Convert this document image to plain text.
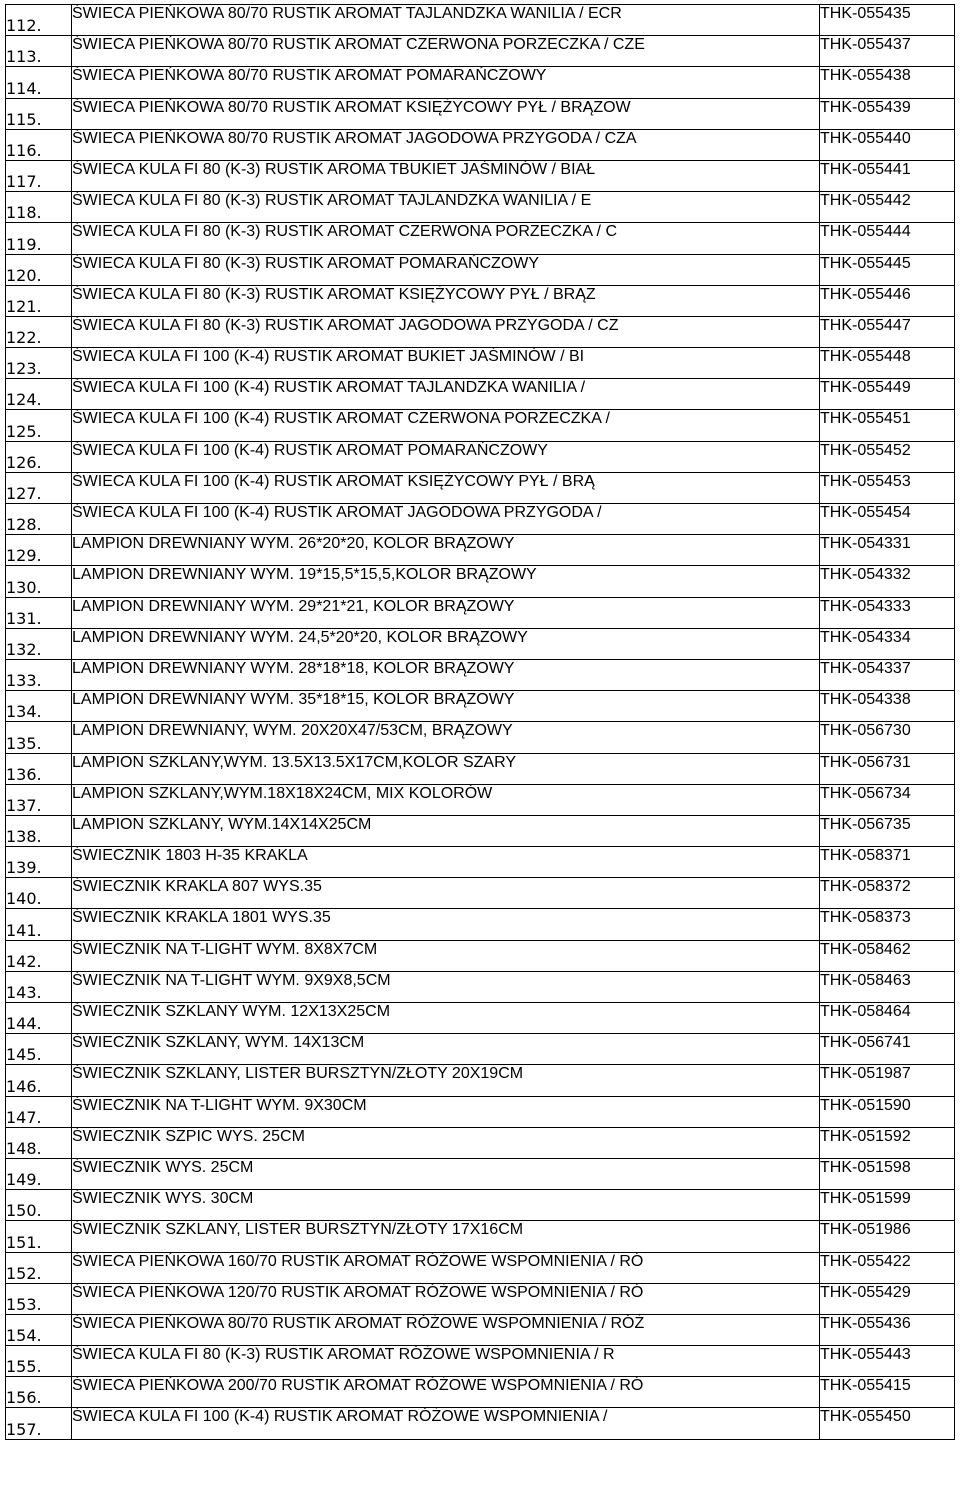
112.	ŚWIECA PIEŃKOWA 80/70 RUSTIK AROMAT TAJLANDZKA WANILIA / ECR	THK-055435
113.	ŚWIECA PIEŃKOWA 80/70 RUSTIK AROMAT CZERWONA PORZECZKA / CZE	THK-055437
114.	ŚWIECA PIEŃKOWA 80/70 RUSTIK AROMAT POMARAŃCZOWY	THK-055438
115.	ŚWIECA PIEŃKOWA 80/70 RUSTIK AROMAT KSIĘŻYCOWY PYŁ / BRĄZOW	THK-055439
116.	ŚWIECA PIEŃKOWA 80/70 RUSTIK AROMAT JAGODOWA PRZYGODA / CZA	THK-055440
117.	ŚWIECA KULA FI 80 (K-3) RUSTIK AROMA TBUKIET JAŚMINÓW / BIAŁ	THK-055441
118.	ŚWIECA KULA FI 80 (K-3) RUSTIK AROMAT TAJLANDZKA WANILIA / E	THK-055442
119.	ŚWIECA KULA FI 80 (K-3) RUSTIK AROMAT CZERWONA PORZECZKA / C	THK-055444
120.	ŚWIECA KULA FI 80 (K-3) RUSTIK AROMAT POMARAŃCZOWY	THK-055445
121.	ŚWIECA KULA FI 80 (K-3) RUSTIK AROMAT KSIĘŻYCOWY PYŁ / BRĄZ	THK-055446
122.	ŚWIECA KULA FI 80 (K-3) RUSTIK AROMAT JAGODOWA PRZYGODA / CZ	THK-055447
123.	ŚWIECA KULA FI 100 (K-4) RUSTIK AROMAT BUKIET JAŚMINÓW / BI	THK-055448
124.	ŚWIECA KULA FI 100 (K-4) RUSTIK AROMAT TAJLANDZKA WANILIA /	THK-055449
125.	ŚWIECA KULA FI 100 (K-4) RUSTIK AROMAT CZERWONA PORZECZKA /	THK-055451
126.	ŚWIECA KULA FI 100 (K-4) RUSTIK AROMAT POMARAŃCZOWY	THK-055452
127.	ŚWIECA KULA FI 100 (K-4) RUSTIK AROMAT KSIĘŻYCOWY PYŁ / BRĄ	THK-055453
128.	ŚWIECA KULA FI 100 (K-4) RUSTIK AROMAT JAGODOWA PRZYGODA /	THK-055454
129.	LAMPION DREWNIANY WYM. 26*20*20, KOLOR BRĄZOWY	THK-054331
130.	LAMPION DREWNIANY WYM. 19*15,5*15,5,KOLOR BRĄZOWY	THK-054332
131.	LAMPION DREWNIANY WYM. 29*21*21, KOLOR BRĄZOWY	THK-054333
132.	LAMPION DREWNIANY WYM. 24,5*20*20, KOLOR BRĄZOWY	THK-054334
133.	LAMPION DREWNIANY WYM. 28*18*18, KOLOR BRĄZOWY	THK-054337
134.	LAMPION DREWNIANY WYM. 35*18*15, KOLOR BRĄZOWY	THK-054338
135.	LAMPION DREWNIANY, WYM. 20X20X47/53CM, BRĄZOWY	THK-056730
136.	LAMPION SZKLANY,WYM. 13.5X13.5X17CM,KOLOR SZARY	THK-056731
137.	LAMPION SZKLANY,WYM.18X18X24CM, MIX KOLORÓW	THK-056734
138.	LAMPION SZKLANY, WYM.14X14X25CM	THK-056735
139.	ŚWIECZNIK 1803 H-35 KRAKLA	THK-058371
140.	ŚWIECZNIK KRAKLA 807 WYS.35	THK-058372
141.	ŚWIECZNIK KRAKLA 1801 WYS.35	THK-058373
142.	ŚWIECZNIK NA T-LIGHT WYM. 8X8X7CM	THK-058462
143.	ŚWIECZNIK NA T-LIGHT WYM. 9X9X8,5CM	THK-058463
144.	ŚWIECZNIK SZKLANY WYM. 12X13X25CM	THK-058464
145.	ŚWIECZNIK SZKLANY, WYM. 14X13CM	THK-056741
146.	ŚWIECZNIK SZKLANY, LISTER BURSZTYN/ZŁOTY 20X19CM	THK-051987
147.	ŚWIECZNIK NA T-LIGHT WYM. 9X30CM	THK-051590
148.	ŚWIECZNIK SZPIC WYS. 25CM	THK-051592
149.	ŚWIECZNIK WYS. 25CM	THK-051598
150.	ŚWIECZNIK WYS. 30CM	THK-051599
151.	ŚWIECZNIK SZKLANY, LISTER BURSZTYN/ZŁOTY 17X16CM	THK-051986
152.	ŚWIECA PIEŃKOWA 160/70 RUSTIK AROMAT RÓŻOWE WSPOMNIENIA / RÓ	THK-055422
153.	ŚWIECA PIEŃKOWA 120/70 RUSTIK AROMAT RÓŻOWE WSPOMNIENIA / RÓ	THK-055429
154.	ŚWIECA PIEŃKOWA 80/70 RUSTIK AROMAT RÓŻOWE WSPOMNIENIA / RÓŻ	THK-055436
155.	ŚWIECA KULA FI 80 (K-3) RUSTIK AROMAT RÓŻOWE WSPOMNIENIA / R	THK-055443
156.	ŚWIECA PIEŃKOWA 200/70 RUSTIK AROMAT RÓŻOWE WSPOMNIENIA / RÓ	THK-055415
157.	ŚWIECA KULA FI 100 (K-4) RUSTIK AROMAT RÓŻOWE WSPOMNIENIA /	THK-055450
